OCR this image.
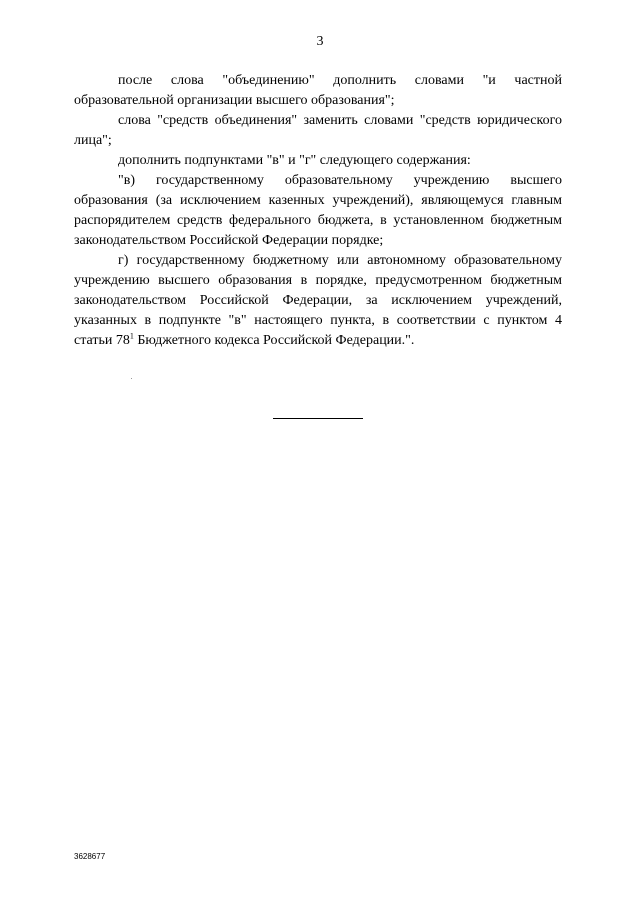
3

после слова "объединению" дополнить словами "и частной образовательной организации высшего образования";

слова "средств объединения" заменить словами "средств юридического лица";

дополнить подпунктами "в" и "г" следующего содержания:

"в) государственному образовательному учреждению высшего образования (за исключением казенных учреждений), являющемуся главным распорядителем средств федерального бюджета, в установленном бюджетным законодательством Российской Федерации порядке;

г) государственному бюджетному или автономному образовательному учреждению высшего образования в порядке, предусмотренном бюджетным законодательством Российской Федерации, за исключением учреждений, указанных в подпункте "в" настоящего пункта, в соответствии с пунктом 4 статьи $78^1$ Бюджетного кодекса Российской Федерации.".

3628677
